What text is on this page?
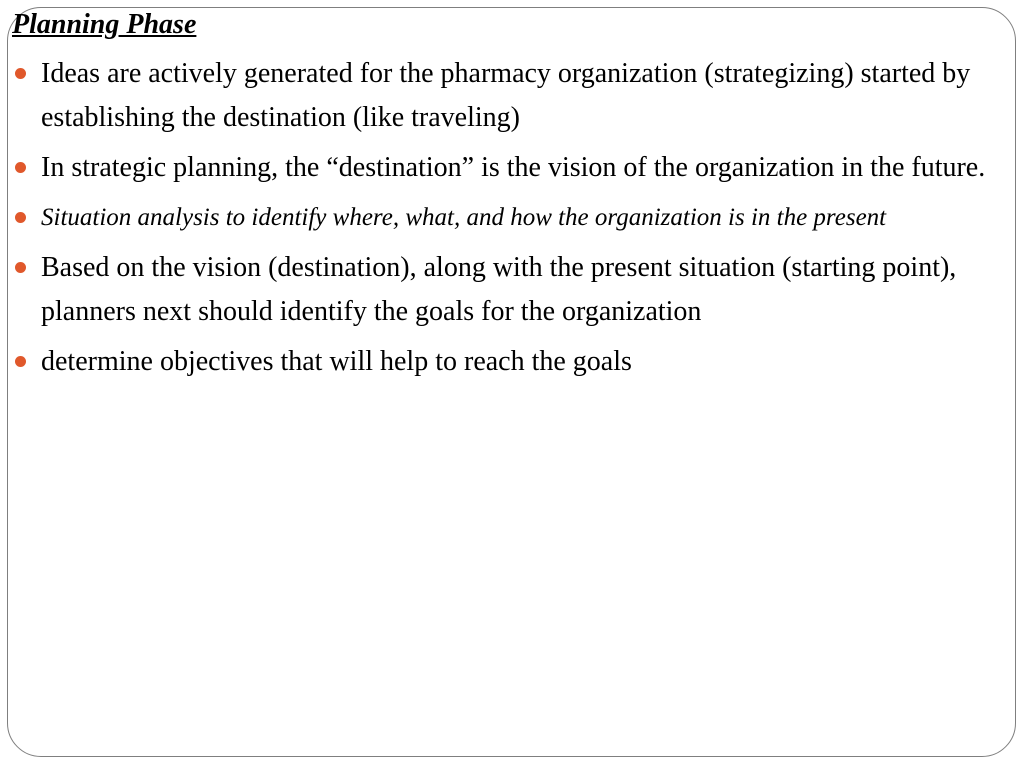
Planning Phase
Ideas are actively generated for the pharmacy organization (strategizing) started by establishing the destination (like traveling)
In strategic planning, the “destination” is the vision of the organization in the future.
Situation analysis to identify where, what, and how the organization is in the present
Based on the vision (destination), along with the present situation (starting point), planners next should identify the goals for the organization
determine objectives that will help to reach the goals
